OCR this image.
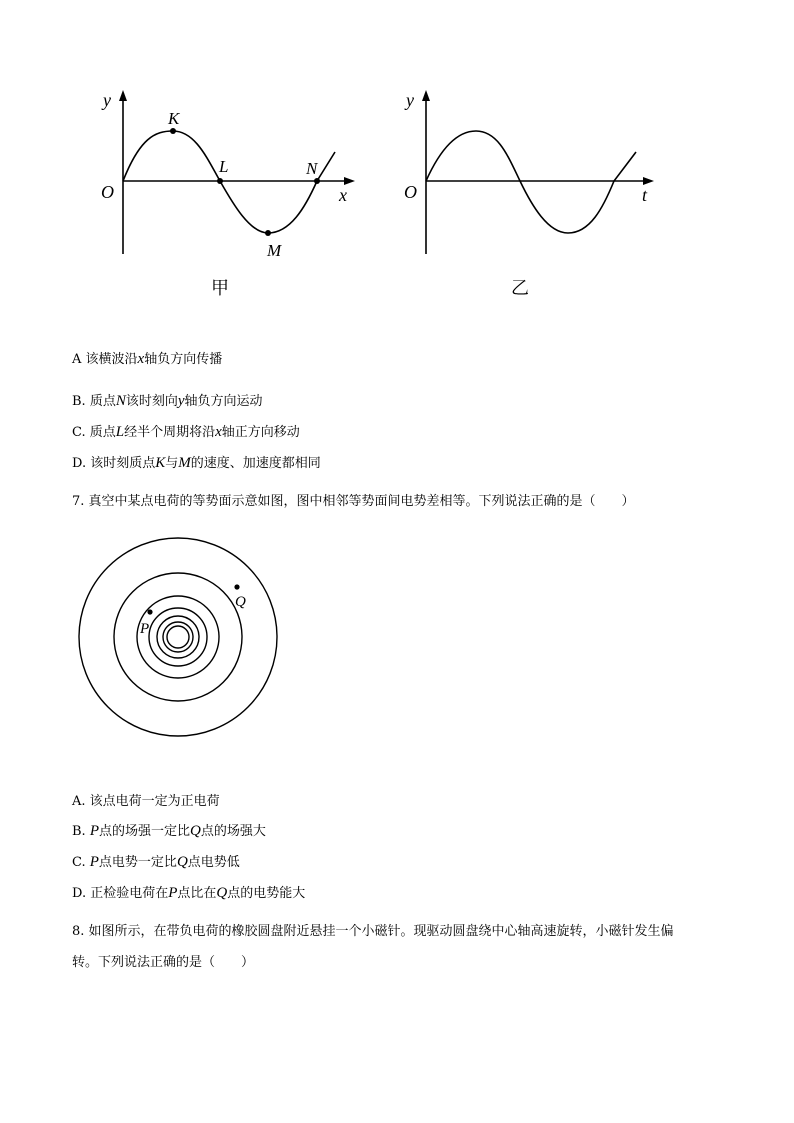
y
K
L	N
O	x
M
甲
y
O	t
乙
A 该横波沿x轴负方向传播
B. 质点N该时刻向y轴负方向运动
C. 质点L经半个周期将沿x轴正方向移动
D. 该时刻质点K与M的速度、加速度都相同
7. 真空中某点电荷的等势面示意如图，图中相邻等势面间电势差相等。下列说法正确的是（　　）
P
Q
A. 该点电荷一定为正电荷
B. P点的场强一定比Q点的场强大
C. P点电势一定比Q点电势低
D. 正检验电荷在P点比在Q点的电势能大
8. 如图所示，在带负电荷的橡胶圆盘附近悬挂一个小磁针。现驱动圆盘绕中心轴高速旋转，小磁针发生偏
转。下列说法正确的是（　　）
